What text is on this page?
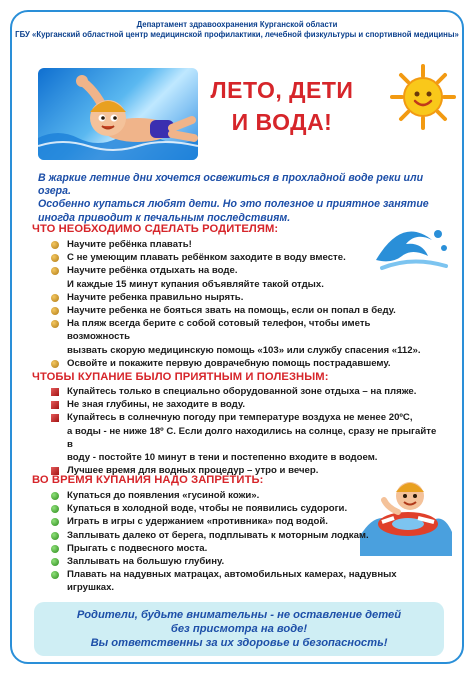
Департамент здравоохранения Курганской области
ГБУ «Курганский областной центр медицинской профилактики, лечебной физкультуры и спортивной медицины»
ЛЕТО, ДЕТИ
И ВОДА!
В жаркие летние дни хочется освежиться в прохладной воде реки или озера.
Особенно купаться любят дети. Но это полезное и приятное занятие
иногда приводит к печальным последствиям.
ЧТО НЕОБХОДИМО СДЕЛАТЬ РОДИТЕЛЯМ:
Научите ребёнка плавать!
С не умеющим плавать ребёнком заходите в воду вместе.
Научите ребёнка отдыхать на воде.
И каждые 15 минут купания объявляйте такой отдых.
Научите ребенка правильно нырять.
Научите ребенка не бояться звать на помощь, если он попал в беду.
На пляж всегда берите с собой сотовый телефон, чтобы иметь возможность
вызвать скорую медицинскую помощь «103» или службу спасения «112».
Освойте и покажите первую доврачебную помощь пострадавшему.
ЧТОБЫ КУПАНИЕ БЫЛО ПРИЯТНЫМ И ПОЛЕЗНЫМ:
Купайтесь только в специально оборудованной зоне отдыха – на пляже.
Не зная глубины, не заходите в воду.
Купайтесь в солнечную погоду при температуре воздуха не менее 20ºС,
а воды - не ниже 18º С. Если долго находились на солнце, сразу не прыгайте в
воду - постойте 10 минут в тени и постепенно входите в водоем.
Лучшее время для водных процедур – утро и вечер.
ВО ВРЕМЯ КУПАНИЯ НАДО ЗАПРЕТИТЬ:
Купаться до появления «гусиной кожи».
Купаться в холодной воде, чтобы не появились судороги.
Играть в игры с удержанием «противника» под водой.
Заплывать далеко от берега, подплывать к моторным лодкам.
Прыгать с подвесного моста.
Заплывать на большую глубину.
Плавать на надувных матрацах, автомобильных камерах, надувных
игрушках.
Родители, будьте внимательны - не оставление детей
без присмотра на воде!
Вы ответственны за их здоровье и безопасность!
